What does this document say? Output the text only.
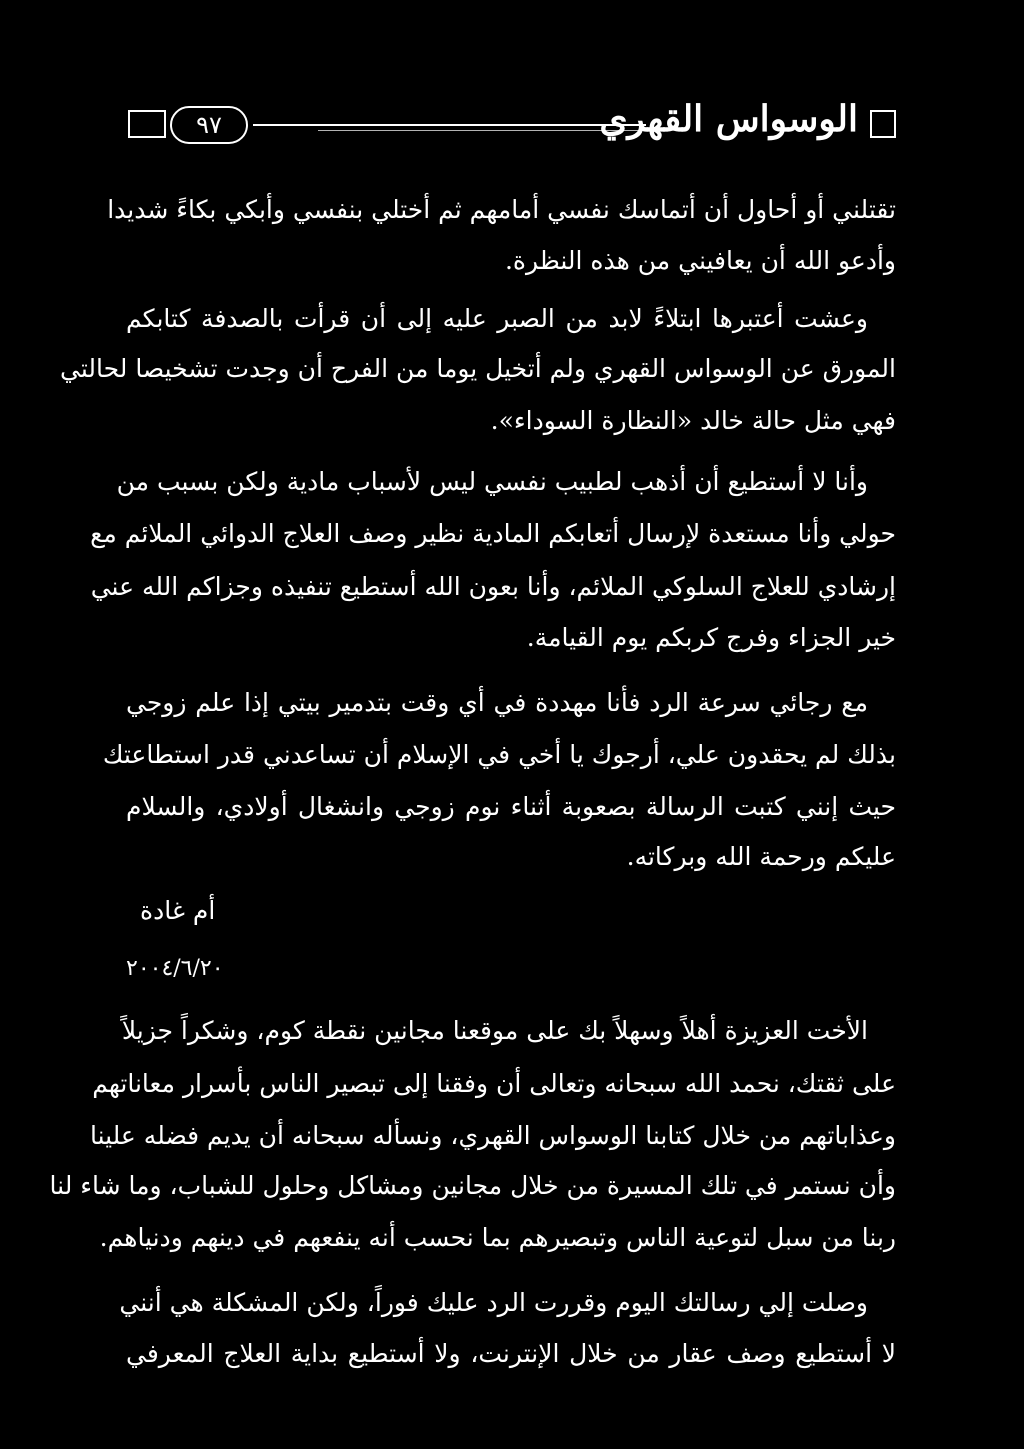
٩٧	الوسواس القهري
تقتلني أو أحاول أن أتماسك نفسي أمامهم ثم أختلي بنفسي وأبكي بكاءً شديدا
وأدعو الله أن يعافيني من هذه النظرة.
وعشت أعتبرها ابتلاءً لابد من الصبر عليه إلى أن قرأت بالصدفة كتابكم
المورق عن الوسواس القهري ولم أتخيل يوما من الفرح أن وجدت تشخيصا لحالتي
فهي مثل حالة خالد «النظارة السوداء».
وأنا لا أستطيع أن أذهب لطبيب نفسي ليس لأسباب مادية ولكن بسبب من
حولي وأنا مستعدة لإرسال أتعابكم المادية نظير وصف العلاج الدوائي الملائم مع
إرشادي للعلاج السلوكي الملائم، وأنا بعون الله أستطيع تنفيذه وجزاكم الله عني
خير الجزاء وفرج كربكم يوم القيامة.
مع رجائي سرعة الرد فأنا مهددة في أي وقت بتدمير بيتي إذا علم زوجي
بذلك لم يحقدون علي، أرجوك يا أخي في الإسلام أن تساعدني قدر استطاعتك
حيث إنني كتبت الرسالة بصعوبة أثناء نوم زوجي وانشغال أولادي، والسلام
عليكم ورحمة الله وبركاته.
أم غادة
٢٠٠٤/٦/٢٠
الأخت العزيزة أهلاً وسهلاً بك على موقعنا مجانين نقطة كوم، وشكراً جزيلاً
على ثقتك، نحمد الله سبحانه وتعالى أن وفقنا إلى تبصير الناس بأسرار معاناتهم
وعذاباتهم من خلال كتابنا الوسواس القهري، ونسأله سبحانه أن يديم فضله علينا
وأن نستمر في تلك المسيرة من خلال مجانين ومشاكل وحلول للشباب، وما شاء لنا
ربنا من سبل لتوعية الناس وتبصيرهم بما نحسب أنه ينفعهم في دينهم ودنياهم.
وصلت إلي رسالتك اليوم وقررت الرد عليك فوراً، ولكن المشكلة هي أنني
لا أستطيع وصف عقار من خلال الإنترنت، ولا أستطيع بداية العلاج المعرفي
